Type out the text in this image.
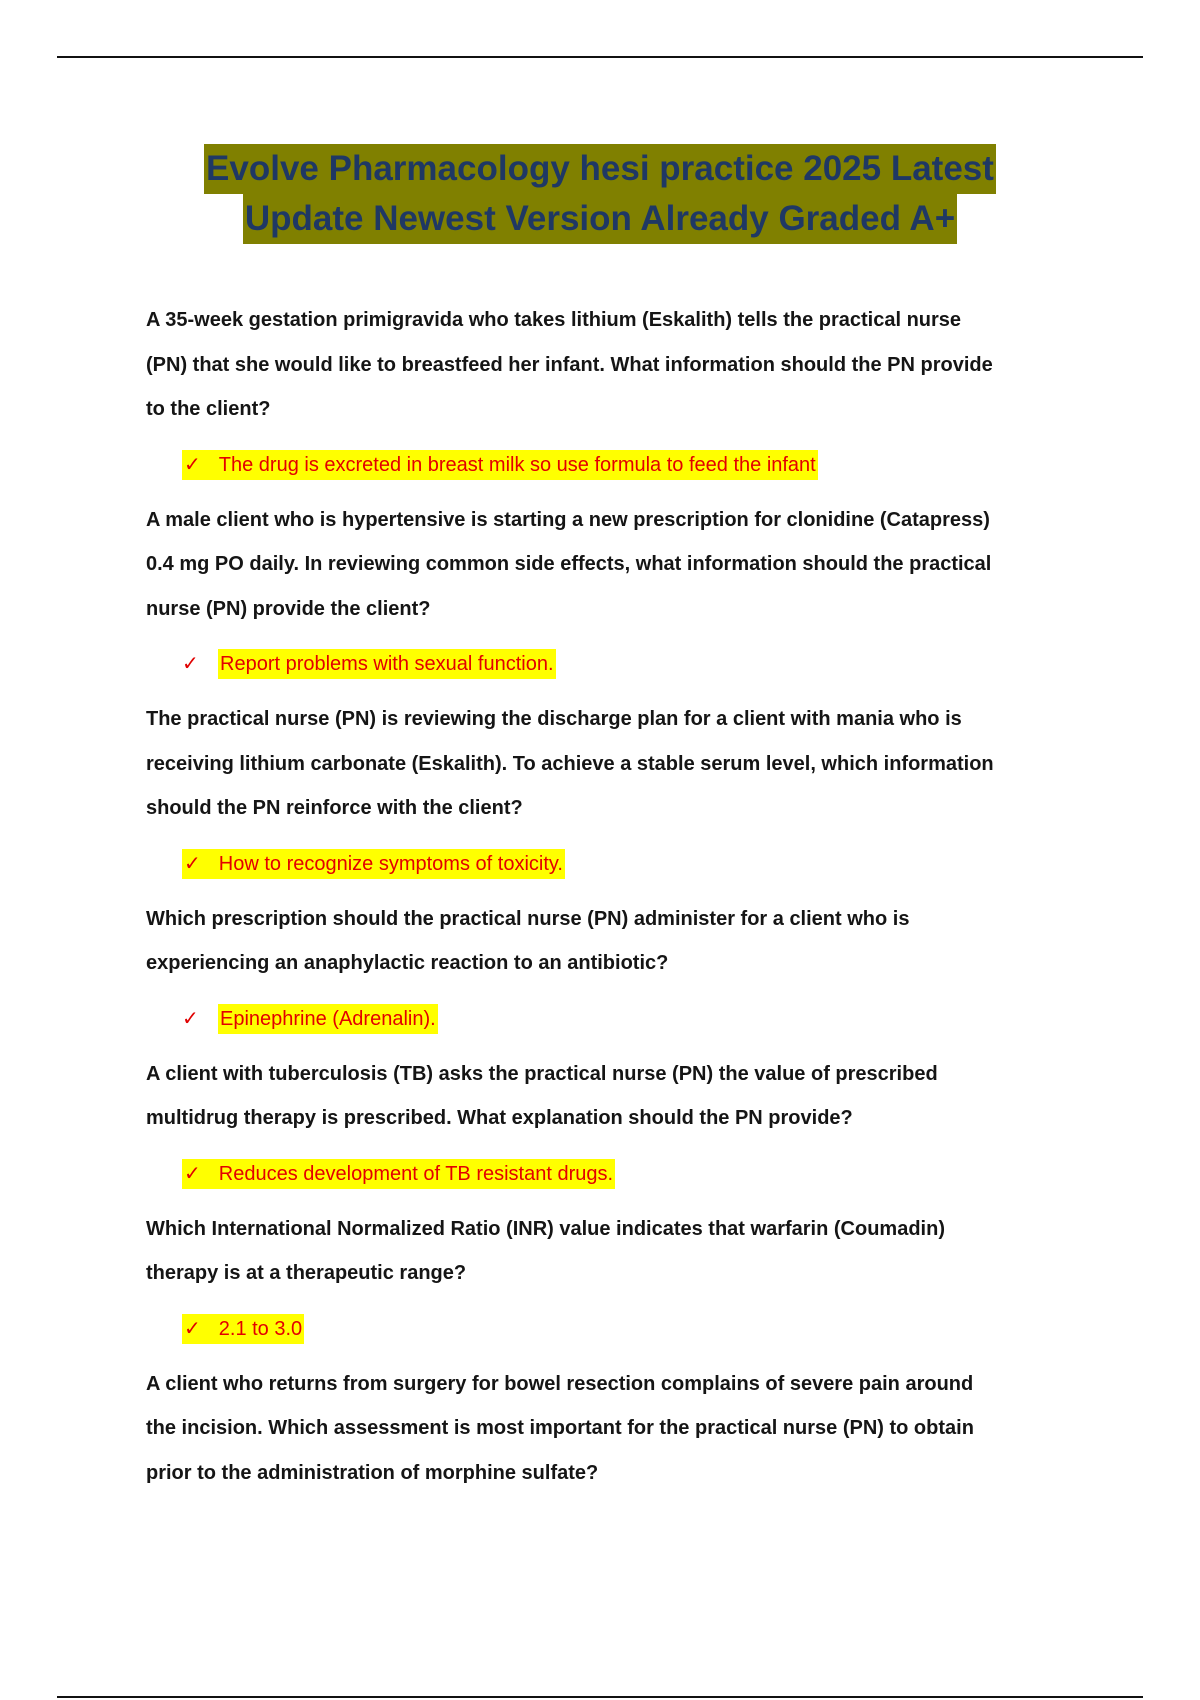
Evolve Pharmacology hesi practice 2025 Latest
Update Newest Version Already Graded A+

A 35-week gestation primigravida who takes lithium (Eskalith) tells the practical nurse
(PN) that she would like to breastfeed her infant. What information should the PN provide
to the client?

✓ The drug is excreted in breast milk so use formula to feed the infant

A male client who is hypertensive is starting a new prescription for clonidine (Catapress)
0.4 mg PO daily. In reviewing common side effects, what information should the practical
nurse (PN) provide the client?

✓	Report problems with sexual function.

The practical nurse (PN) is reviewing the discharge plan for a client with mania who is
receiving lithium carbonate (Eskalith). To achieve a stable serum level, which information
should the PN reinforce with the client?

✓ How to recognize symptoms of toxicity.

Which prescription should the practical nurse (PN) administer for a client who is
experiencing an anaphylactic reaction to an antibiotic?

✓	Epinephrine (Adrenalin).

A client with tuberculosis (TB) asks the practical nurse (PN) the value of prescribed
multidrug therapy is prescribed. What explanation should the PN provide?

✓ Reduces development of TB resistant drugs.

Which International Normalized Ratio (INR) value indicates that warfarin (Coumadin)
therapy is at a therapeutic range?

✓ 2.1 to 3.0

A client who returns from surgery for bowel resection complains of severe pain around
the incision. Which assessment is most important for the practical nurse (PN) to obtain
prior to the administration of morphine sulfate?
